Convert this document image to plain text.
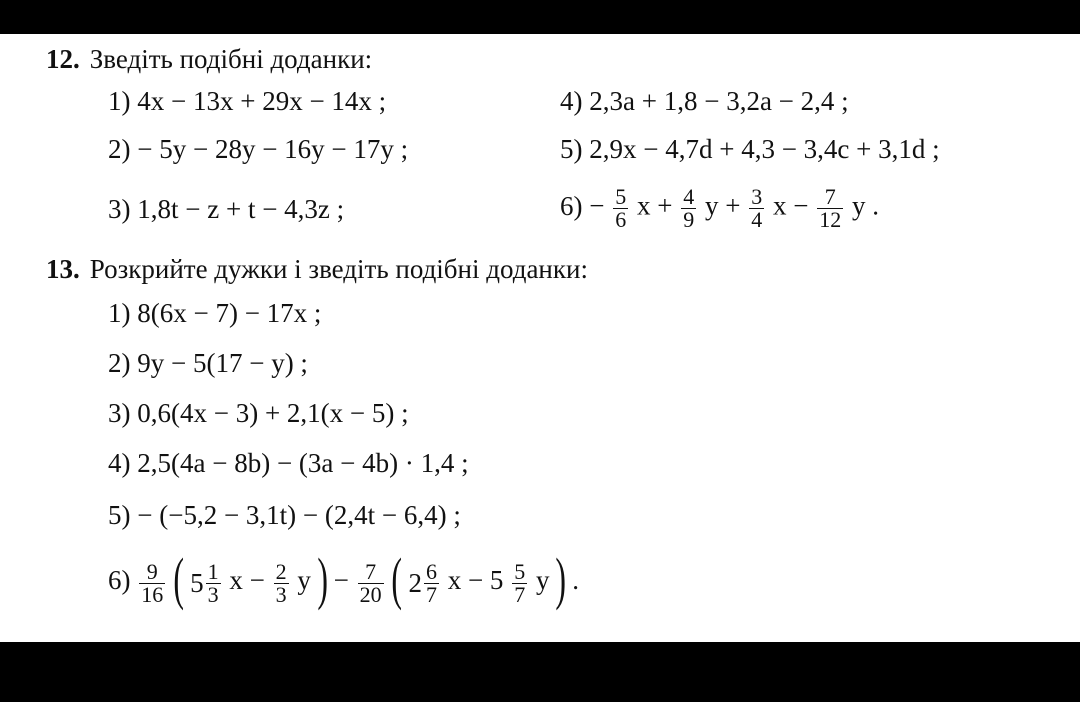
12. Зведіть подібні доданки:
1) 4x − 13x + 29x − 14x ;
2) − 5y − 28y − 16y − 17y ;
3) 1,8t − z + t − 4,3z ;
4) 2,3a + 1,8 − 3,2a − 2,4 ;
5) 2,9x − 4,7d + 4,3 − 3,4c + 3,1d ;
$6) - \frac{5}{6}$ $x + \frac{4}{9}$ $y + \frac{3}{4}$ $x - \frac{7}{12}$ y .
13. Розкрийте дужки і зведіть подібні доданки:
1) 8(6x − 7) − 17x ;
2) 9y − 5(17 − y) ;
3) 0,6(4x − 3) + 2,1(x − 5) ;
4) 2,5(4a − 8b) − (3a − 4b) · 1,4 ;
5) − (−5,2 − 3,1t) − (2,4t − 6,4) ;
$6) \frac{9}{16}$ ( $5 \frac{1}{3}$ $x - \frac{2}{3}$ y ) − $\frac{7}{20}$ ( $2 \frac{6}{7}$ $x - 5 \frac{5}{7}$ y ) .
